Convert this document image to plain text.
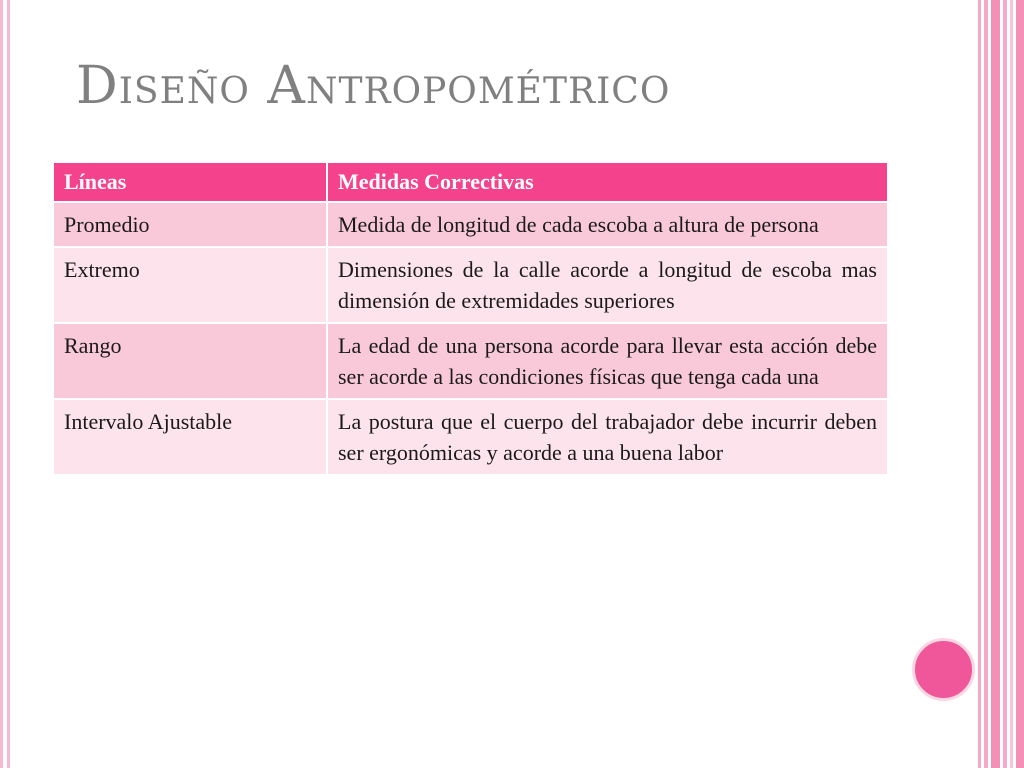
Diseño Antropométrico
Líneas	Medidas Correctivas
Promedio	Medida de longitud de cada escoba a altura de persona
Extremo	Dimensiones de la calle acorde a longitud de escoba mas dimensión de extremidades superiores
Rango	La edad de una persona acorde para llevar esta acción debe ser acorde a las condiciones físicas que tenga cada una
Intervalo Ajustable	La postura que el cuerpo del trabajador debe incurrir deben ser ergonómicas y acorde a una buena labor
